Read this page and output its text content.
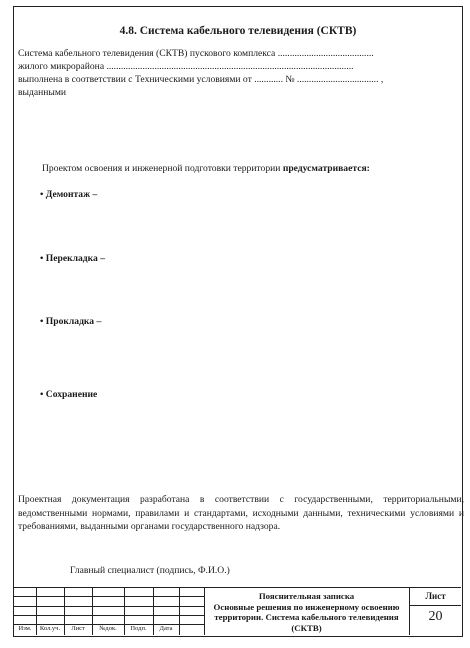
4.8. Система кабельного телевидения (СКТВ)
Система кабельного телевидения (СКТВ) пускового комплекса ........................................
жилого микрорайона .......................................................................................................
выполнена в соответствии с Техническими условиями от ............ № .................................. ,
выданными
Проектом освоения и инженерной подготовки территории предусматривается:
• Демонтаж –
• Перекладка –
• Прокладка –
• Сохранение
Проектная документация разработана в соответствии с государственными, территориальными, ведомственными нормами, правилами и стандартами, исходными данными, техническими условиями и требованиями, выданными органами государственного надзора.
Главный специалист (подпись, Ф.И.О.)
Изм.	Кол.уч.	Лист	№док.	Подп.	Дата
Пояснительная записка
Основные решения по инженерному освоению территории. Система кабельного телевидения (СКТВ)
Лист
20
